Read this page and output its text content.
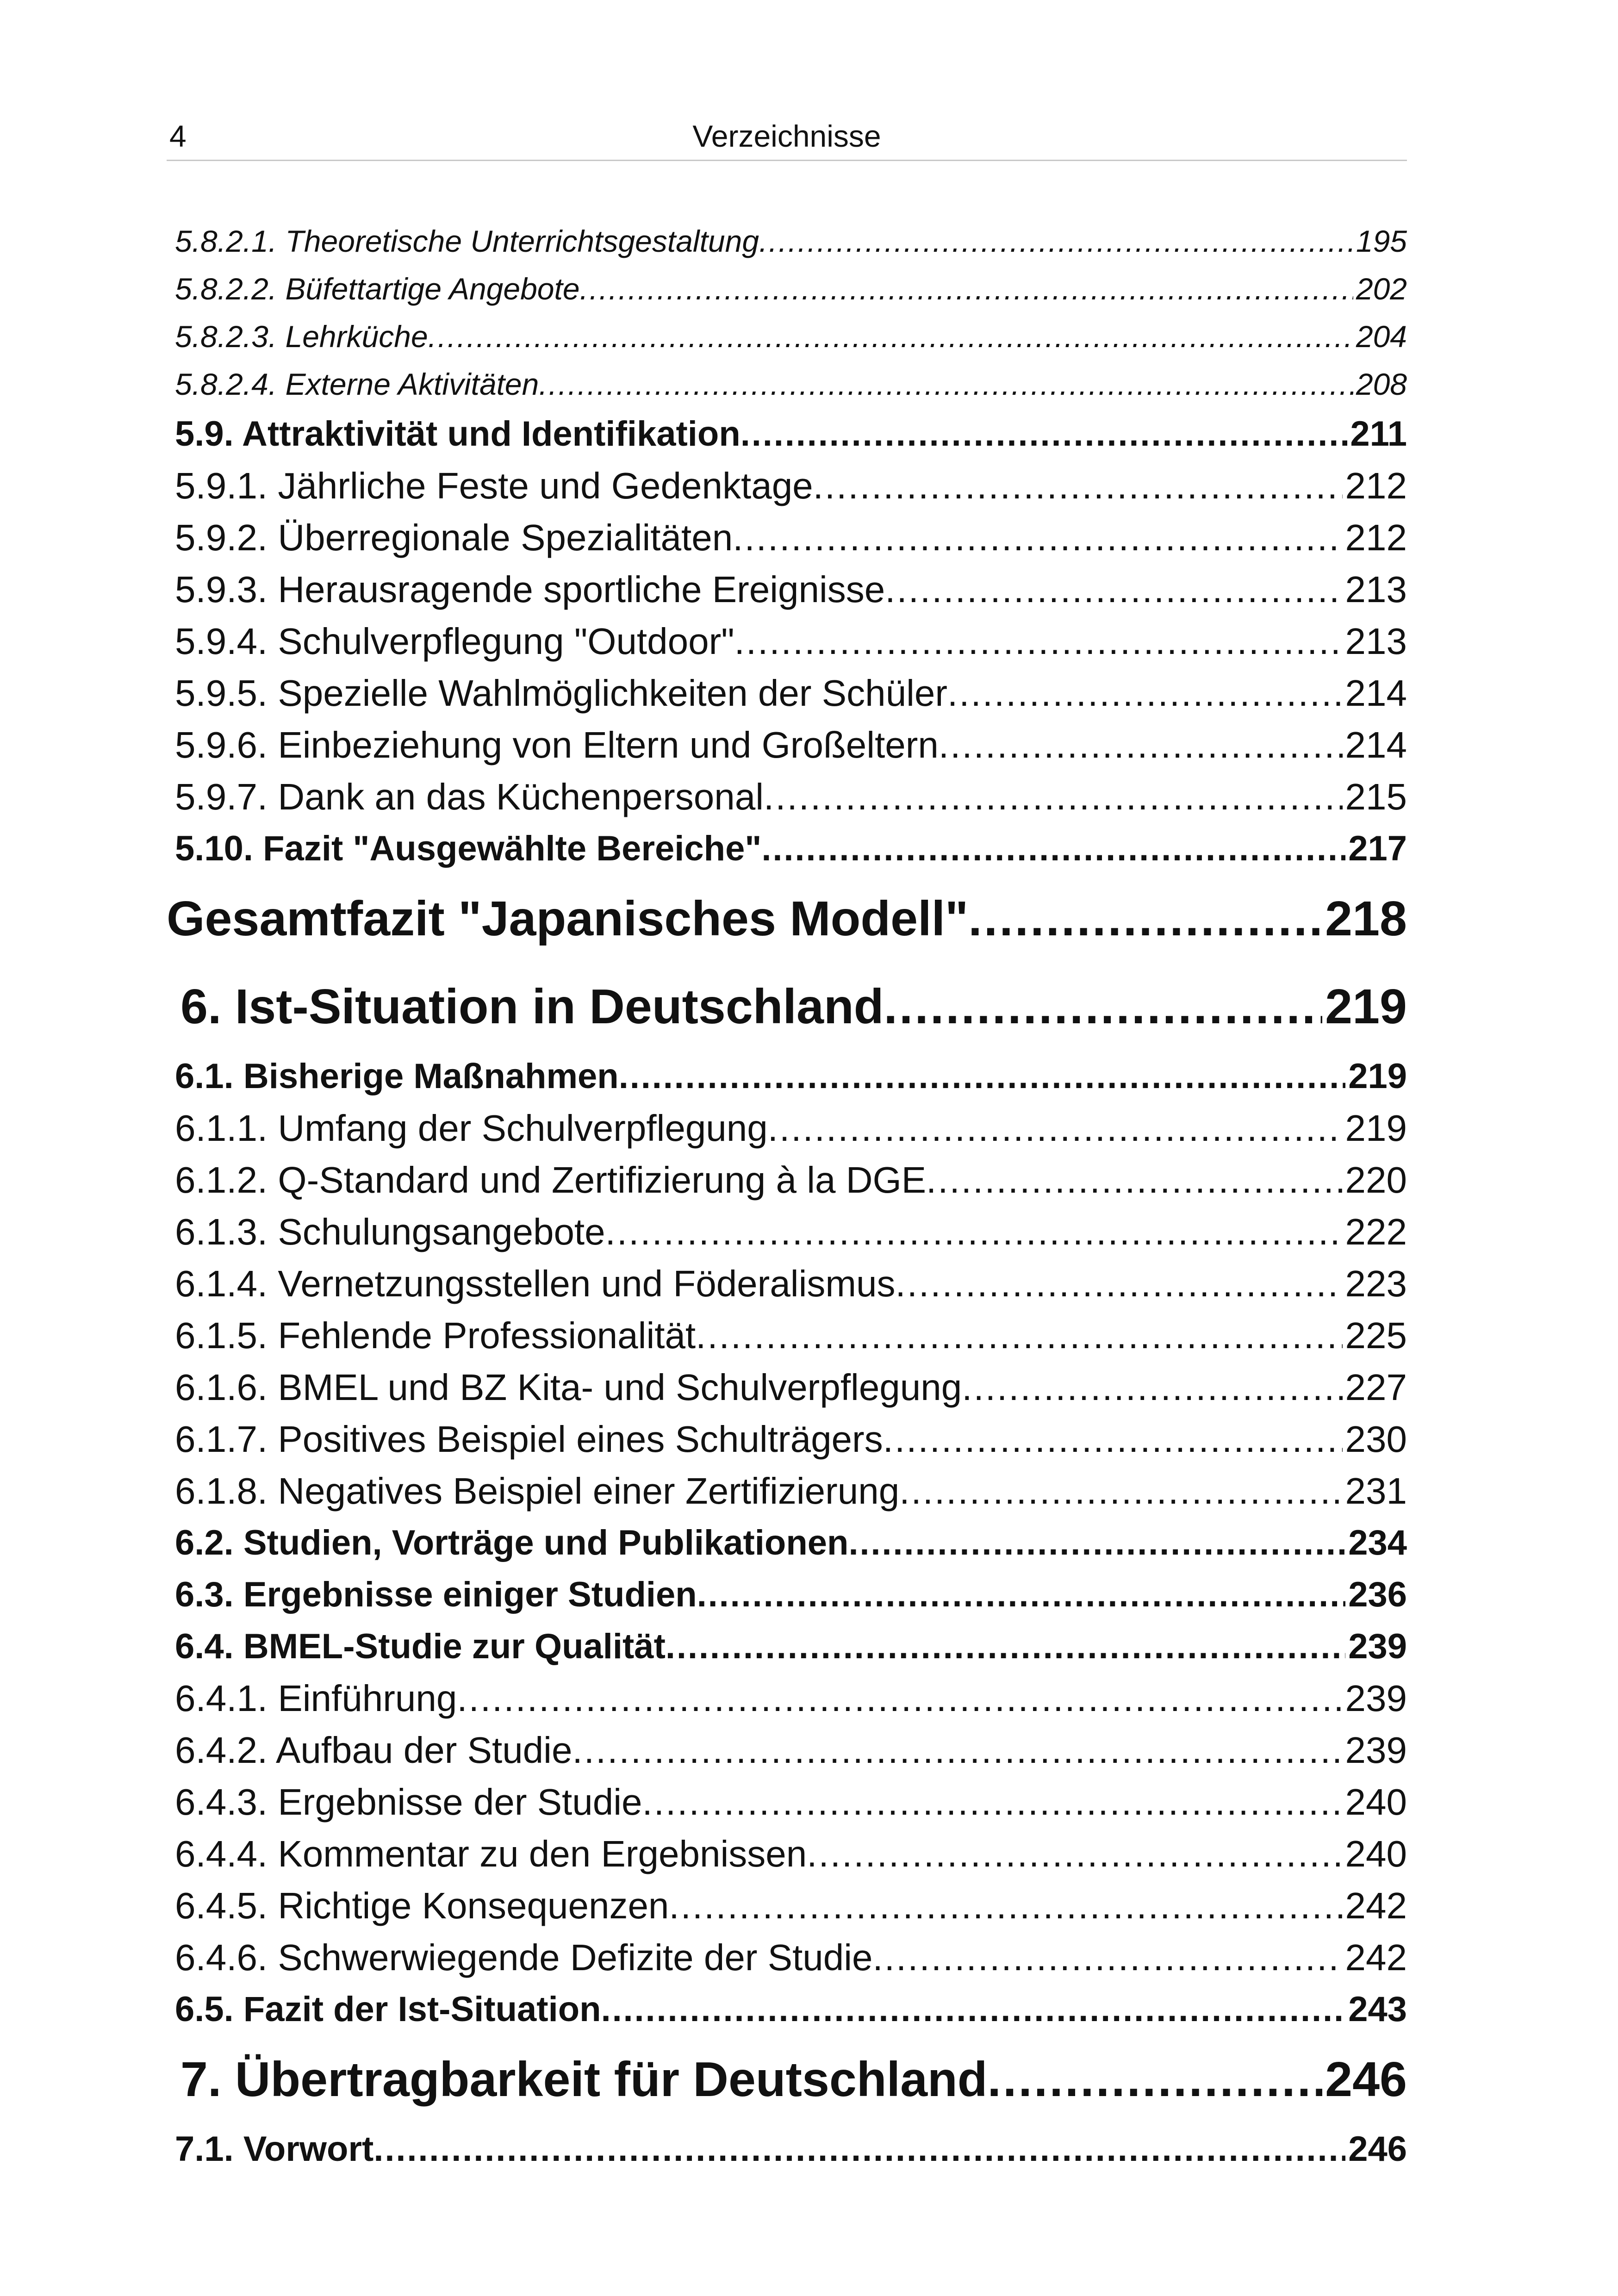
4	Verzeichnisse
5.8.2.1. Theoretische Unterrichtsgestaltung . . .	195
5.8.2.2. Büfettartige Angebote . . .	202
5.8.2.3. Lehrküche . . .	204
5.8.2.4. Externe Aktivitäten . . .	208
5.9. Attraktivität und Identifikation . . .	211
5.9.1. Jährliche Feste und Gedenktage . . .	212
5.9.2. Überregionale Spezialitäten . . .	212
5.9.3. Herausragende sportliche Ereignisse . . .	213
5.9.4. Schulverpflegung "Outdoor" . . .	213
5.9.5. Spezielle Wahlmöglichkeiten der Schüler . . .	214
5.9.6. Einbeziehung von Eltern und Großeltern . . .	214
5.9.7. Dank an das Küchenpersonal . . .	215
5.10. Fazit "Ausgewählte Bereiche" . . .	217
Gesamtfazit "Japanisches Modell" . . .	218
6. Ist-Situation in Deutschland . . .	219
6.1. Bisherige Maßnahmen . . .	219
6.1.1. Umfang der Schulverpflegung . . .	219
6.1.2. Q-Standard und Zertifizierung à la DGE . . .	220
6.1.3. Schulungsangebote . . .	222
6.1.4. Vernetzungsstellen und Föderalismus . . .	223
6.1.5. Fehlende Professionalität . . .	225
6.1.6. BMEL und BZ Kita- und Schulverpflegung . . .	227
6.1.7. Positives Beispiel eines Schulträgers . . .	230
6.1.8. Negatives Beispiel einer Zertifizierung . . .	231
6.2. Studien, Vorträge und Publikationen . . .	234
6.3. Ergebnisse einiger Studien . . .	236
6.4. BMEL-Studie zur Qualität . . .	239
6.4.1. Einführung . . .	239
6.4.2. Aufbau der Studie . . .	239
6.4.3. Ergebnisse der Studie . . .	240
6.4.4. Kommentar zu den Ergebnissen . . .	240
6.4.5. Richtige Konsequenzen . . .	242
6.4.6. Schwerwiegende Defizite der Studie . . .	242
6.5. Fazit der Ist-Situation . . .	243
7. Übertragbarkeit für Deutschland . . .	246
7.1. Vorwort . . .	246
